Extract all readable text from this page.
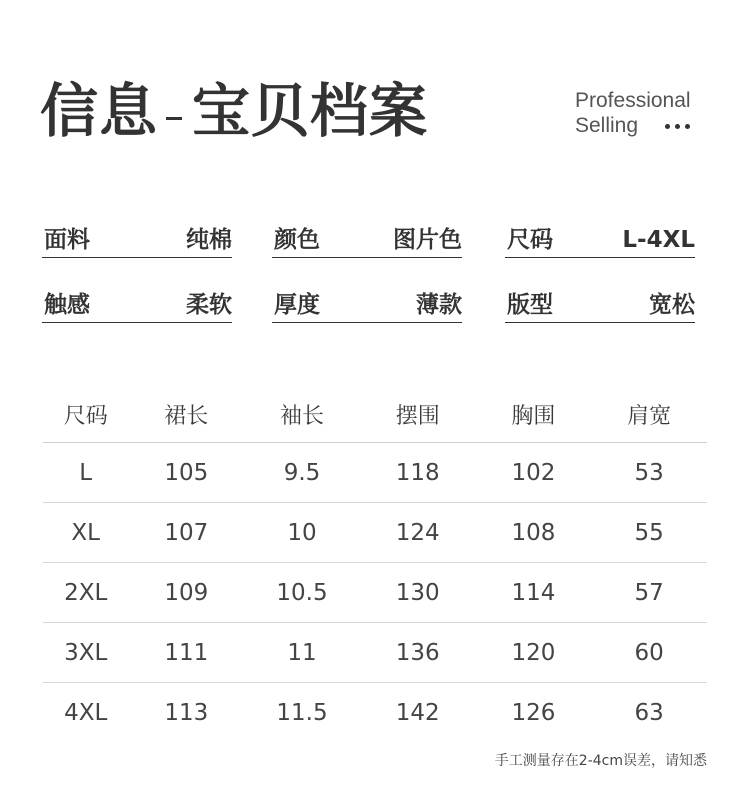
信息 宝贝档案	Professional
Selling
面料	纯棉 颜色	图片色 尺码	L-4XL
触感	柔软 厚度	薄款 版型	宽松
尺码	裙长	袖长	摆围	胸围	肩宽
L	105	9.5	118	102	53
XL	107	10	124	108	55
2XL	109	10.5	130	114	57
3XL	111	11	136	120	60
4XL	113	11.5	142	126	63
手工测量存在2-4cm误差，请知悉
